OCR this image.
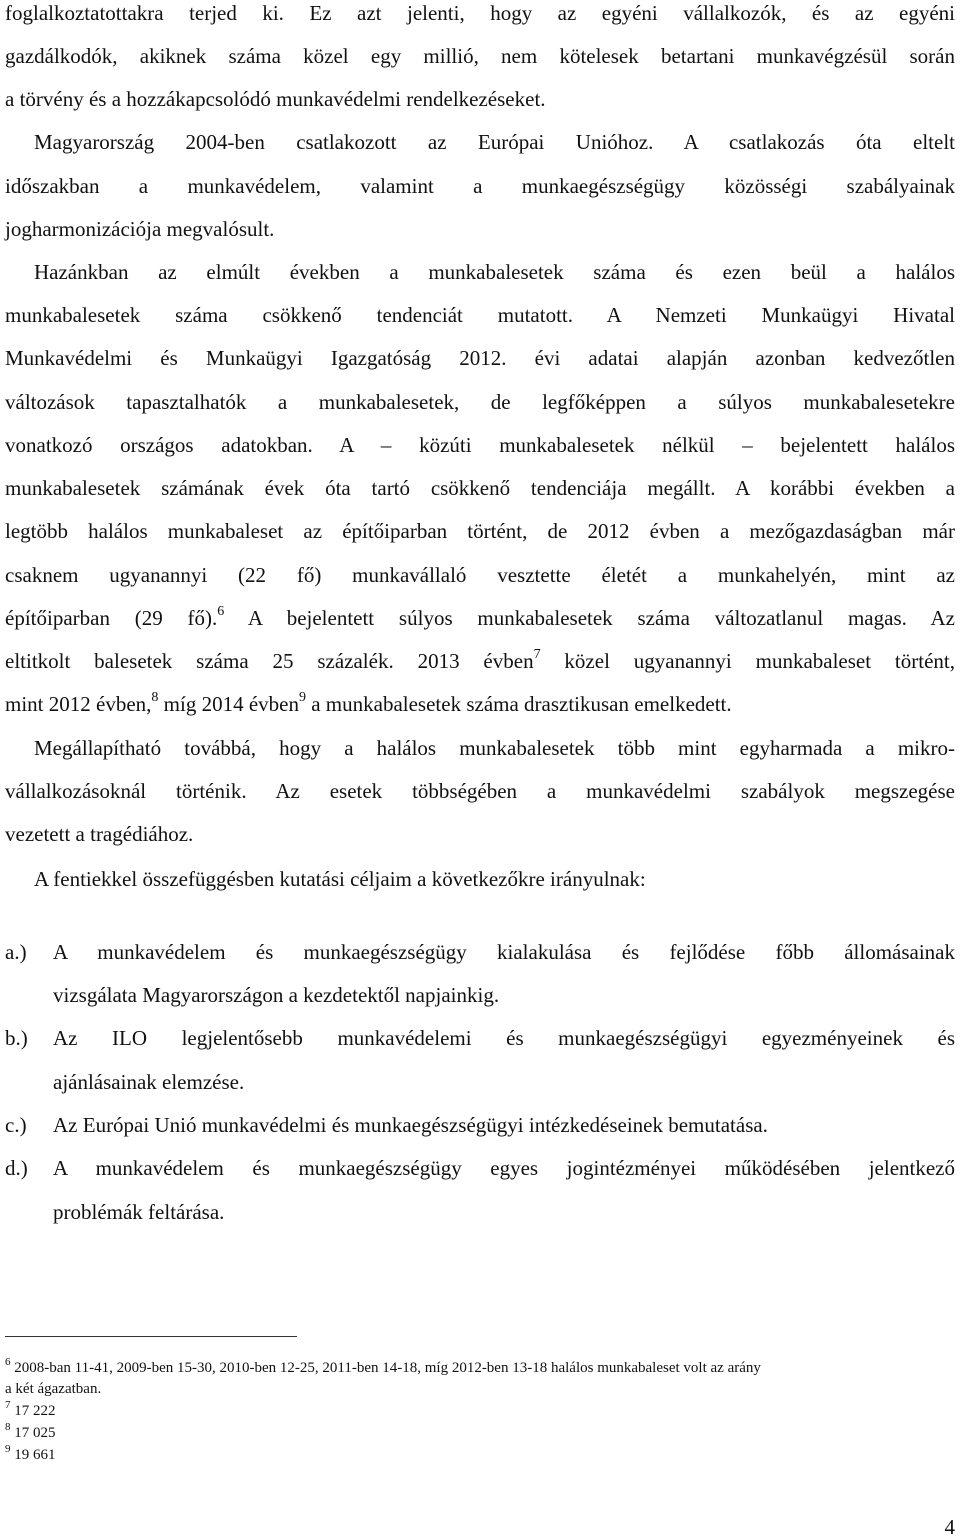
foglalkoztatottakra terjed ki. Ez azt jelenti, hogy az egyéni vállalkozók, és az egyéni
gazdálkodók, akiknek száma közel egy millió, nem kötelesek betartani munkavégzésül során
a törvény és a hozzákapcsolódó munkavédelmi rendelkezéseket.
Magyarország 2004-ben csatlakozott az Európai Unióhoz. A csatlakozás óta eltelt
időszakban a munkavédelem, valamint a munkaegészségügy közösségi szabályainak
jogharmonizációja megvalósult.
Hazánkban az elmúlt években a munkabalesetek száma és ezen beül a halálos
munkabalesetek száma csökkenő tendenciát mutatott. A Nemzeti Munkaügyi Hivatal
Munkavédelmi és Munkaügyi Igazgatóság 2012. évi adatai alapján azonban kedvezőtlen
változások tapasztalhatók a munkabalesetek, de legfőképpen a súlyos munkabalesetekre
vonatkozó országos adatokban. A – közúti munkabalesetek nélkül – bejelentett halálos
munkabalesetek számának évek óta tartó csökkenő tendenciája megállt. A korábbi években a
legtöbb halálos munkabaleset az építőiparban történt, de 2012 évben a mezőgazdaságban már
csaknem ugyanannyi (22 fő) munkavállaló vesztette életét a munkahelyén, mint az
építőiparban (29 fő).$^6$ A bejelentett súlyos munkabalesetek száma változatlanul magas. Az
eltitkolt balesetek száma 25 százalék. 2013 évben$^7$ közel ugyanannyi munkabaleset történt,
mint 2012 évben,$^8$ míg 2014 évben$^9$ a munkabalesetek száma drasztikusan emelkedett.
Megállapítható továbbá, hogy a halálos munkabalesetek több mint egyharmada a mikro-
vállalkozásoknál történik. Az esetek többségében a munkavédelmi szabályok megszegése
vezetett a tragédiához.
A fentiekkel összefüggésben kutatási céljaim a következőkre irányulnak:
a.) A munkavédelem és munkaegészségügy kialakulása és fejlődése főbb állomásainak
vizsgálata Magyarországon a kezdetektől napjainkig.
b.) Az ILO legjelentősebb munkavédelemi és munkaegészségügyi egyezményeinek és
ajánlásainak elemzése.
c.) Az Európai Unió munkavédelmi és munkaegészségügyi intézkedéseinek bemutatása.
d.) A munkavédelem és munkaegészségügy egyes jogintézményei működésében jelentkező
problémák feltárása.
$^6$ 2008-ban 11-41, 2009-ben 15-30, 2010-ben 12-25, 2011-ben 14-18, míg 2012-ben 13-18 halálos munkabaleset volt az arány
a két ágazatban.
$^7$ 17 222
$^8$ 17 025
$^9$ 19 661
4
